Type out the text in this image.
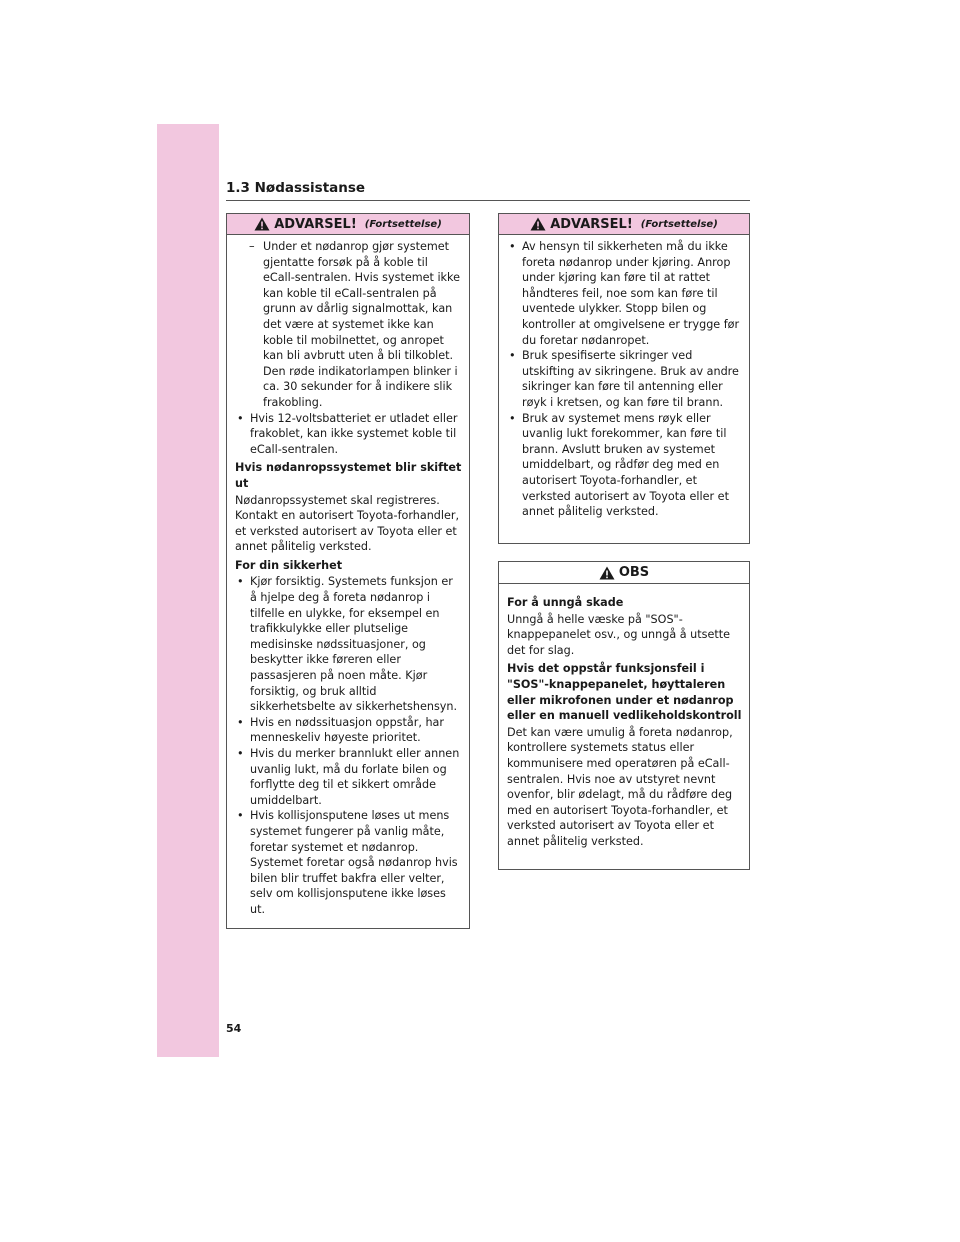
1.3 Nødassistanse
ADVARSEL! (Fortsettelse)
– Under et nødanrop gjør systemet gjentatte forsøk på å koble til eCall-sentralen. Hvis systemet ikke kan koble til eCall-sentralen på grunn av dårlig signalmottak, kan det være at systemet ikke kan koble til mobilnettet, og anropet kan bli avbrutt uten å bli tilkoblet. Den røde indikatorlampen blinker i ca. 30 sekunder for å indikere slik frakobling.
• Hvis 12-voltsbatteriet er utladet eller frakoblet, kan ikke systemet koble til eCall-sentralen.
Hvis nødanropssystemet blir skiftet ut

Nødanropssystemet skal registreres. Kontakt en autorisert Toyota-forhandler, et verksted autorisert av Toyota eller et annet pålitelig verksted.

For din sikkerhet
• Kjør forsiktig. Systemets funksjon er å hjelpe deg å foreta nødanrop i tilfelle en ulykke, for eksempel en trafikkulykke eller plutselige medisinske nødssituasjoner, og beskytter ikke føreren eller passasjeren på noen måte. Kjør forsiktig, og bruk alltid sikkerhetsbelte av sikkerhetshensyn.
• Hvis en nødssituasjon oppstår, har menneskeliv høyeste prioritet.
• Hvis du merker brannlukt eller annen uvanlig lukt, må du forlate bilen og forflytte deg til et sikkert område umiddelbart.
• Hvis kollisjonsputene løses ut mens systemet fungerer på vanlig måte, foretar systemet et nødanrop. Systemet foretar også nødanrop hvis bilen blir truffet bakfra eller velter, selv om kollisjonsputene ikke løses ut.
ADVARSEL! (Fortsettelse)
• Av hensyn til sikkerheten må du ikke foreta nødanrop under kjøring. Anrop under kjøring kan føre til at rattet håndteres feil, noe som kan føre til uventede ulykker. Stopp bilen og kontroller at omgivelsene er trygge før du foretar nødanropet.
• Bruk spesifiserte sikringer ved utskifting av sikringene. Bruk av andre sikringer kan føre til antenning eller røyk i kretsen, og kan føre til brann.
• Bruk av systemet mens røyk eller uvanlig lukt forekommer, kan føre til brann. Avslutt bruken av systemet umiddelbart, og rådfør deg med en autorisert Toyota-forhandler, et verksted autorisert av Toyota eller et annet pålitelig verksted.
OBS
For å unngå skade

Unngå å helle væske på "SOS"-knappepanelet osv., og unngå å utsette det for slag.

Hvis det oppstår funksjonsfeil i "SOS"-knappepanelet, høyttaleren eller mikrofonen under et nødanrop eller en manuell vedlikeholdskontroll

Det kan være umulig å foreta nødanrop, kontrollere systemets status eller kommunisere med operatøren på eCall-sentralen. Hvis noe av utstyret nevnt ovenfor, blir ødelagt, må du rådføre deg med en autorisert Toyota-forhandler, et verksted autorisert av Toyota eller et annet pålitelig verksted.

54
